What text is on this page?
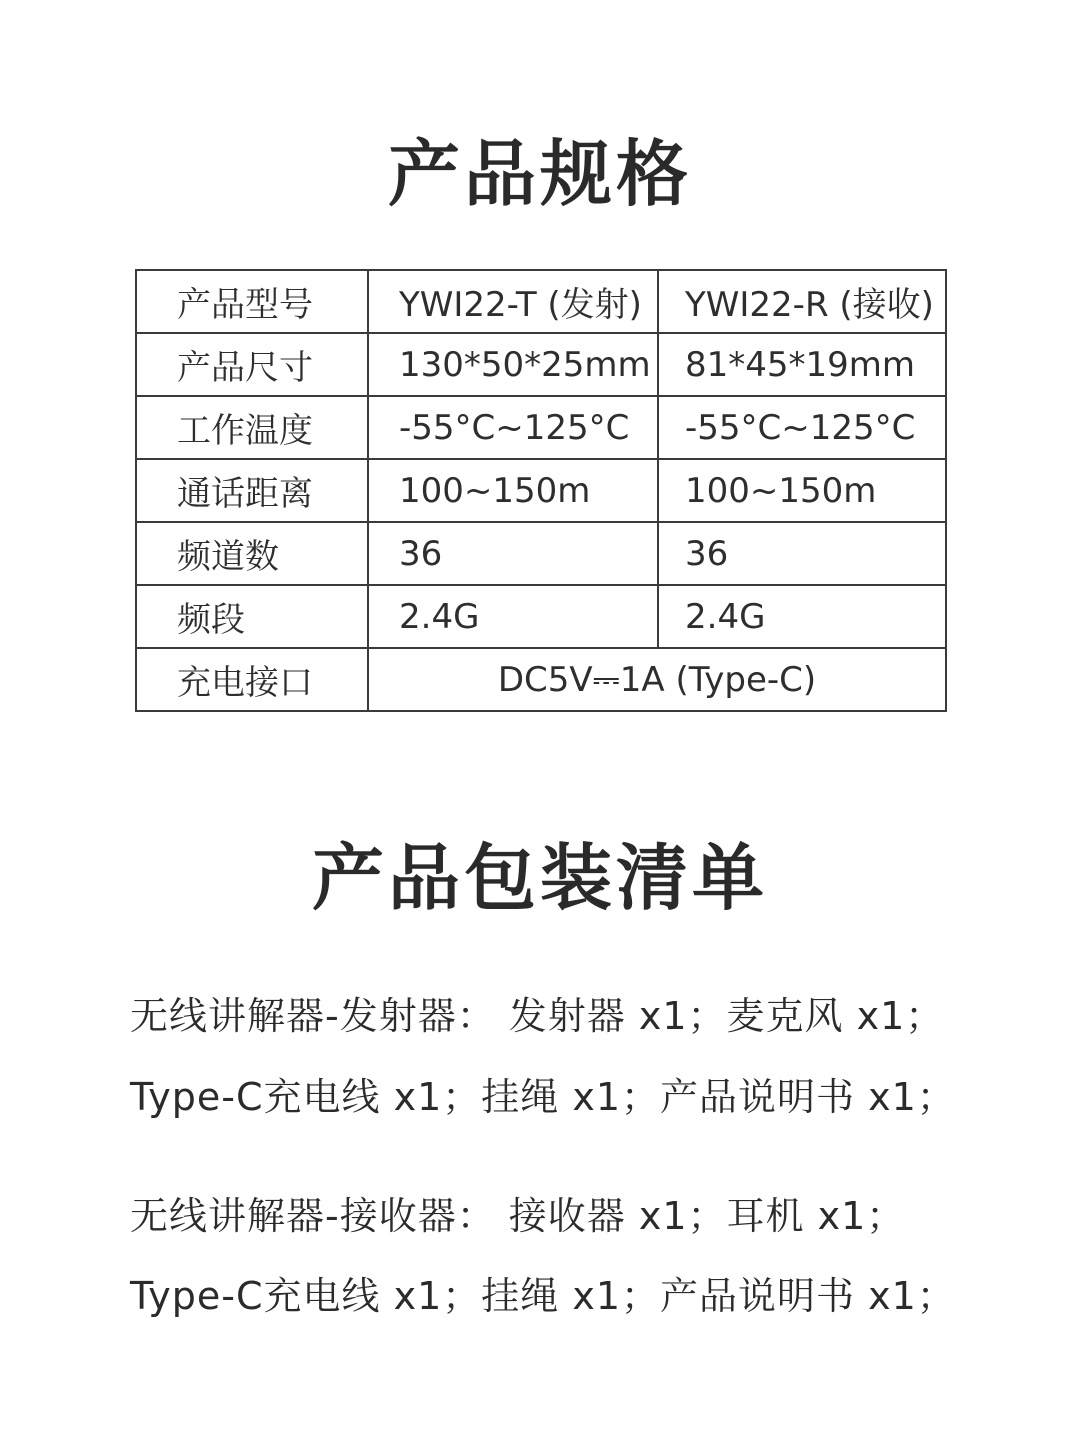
产品规格
产品型号	YWI22-T (发射)	YWI22-R (接收)
产品尺寸	130*50*25mm	81*45*19mm
工作温度	-55°C~125°C	-55°C~125°C
通话距离	100~150m	100~150m
频道数	36	36
频段	2.4G	2.4G
充电接口	DC5V⎓1A (Type-C)	
产品包装清单
无线讲解器-发射器： 发射器 x1；麦克风 x1；
Type-C充电线 x1；挂绳 x1；产品说明书 x1；
无线讲解器-接收器： 接收器 x1；耳机 x1；
Type-C充电线 x1；挂绳 x1；产品说明书 x1；
